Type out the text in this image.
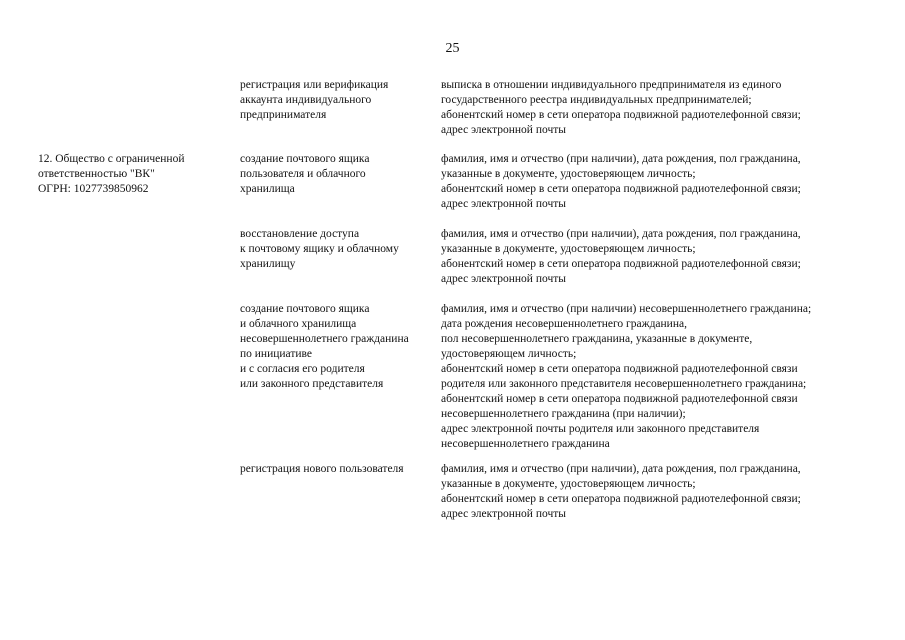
25
12. Общество с ограниченной
ответственностью "ВК"
ОГРН: 1027739850962
регистрация или верификация
аккаунта индивидуального
предпринимателя
выписка в отношении индивидуального предпринимателя из единого
государственного реестра индивидуальных предпринимателей;
абонентский номер в сети оператора подвижной радиотелефонной связи;
адрес электронной почты
создание почтового ящика
пользователя и облачного
хранилища
фамилия, имя и отчество (при наличии), дата рождения, пол гражданина,
указанные в документе, удостоверяющем личность;
абонентский номер в сети оператора подвижной радиотелефонной связи;
адрес электронной почты
восстановление доступа
к почтовому ящику и облачному
хранилищу
фамилия, имя и отчество (при наличии), дата рождения, пол гражданина,
указанные в документе, удостоверяющем личность;
абонентский номер в сети оператора подвижной радиотелефонной связи;
адрес электронной почты
создание почтового ящика
и облачного хранилища
несовершеннолетнего гражданина
по инициативе
и с согласия его родителя
или законного представителя
фамилия, имя и отчество (при наличии) несовершеннолетнего гражданина;
дата рождения несовершеннолетнего гражданина,
пол несовершеннолетнего гражданина, указанные в документе,
удостоверяющем личность;
абонентский номер в сети оператора подвижной радиотелефонной связи
родителя или законного представителя несовершеннолетнего гражданина;
абонентский номер в сети оператора подвижной радиотелефонной связи
несовершеннолетнего гражданина (при наличии);
адрес электронной почты родителя или законного представителя
несовершеннолетнего гражданина
регистрация нового пользователя	фамилия, имя и отчество (при наличии), дата рождения, пол гражданина,
указанные в документе, удостоверяющем личность;
абонентский номер в сети оператора подвижной радиотелефонной связи;
адрес электронной почты
